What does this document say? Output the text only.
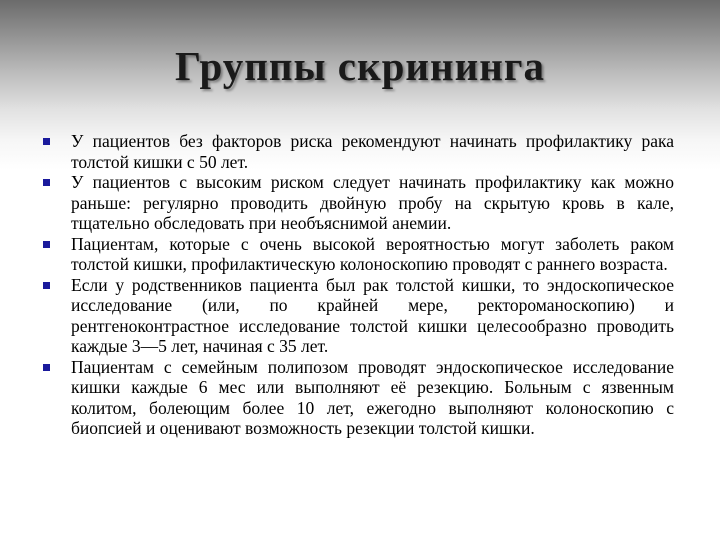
Группы скрининга
У пациентов без факторов риска рекомендуют начинать профилактику рака толстой кишки с 50 лет.
У пациентов с высоким риском следует начинать профилактику как можно раньше: регулярно проводить двойную пробу на скрытую кровь в кале, тщательно обследовать при необъяснимой анемии.
Пациентам, которые с очень высокой вероятностью могут заболеть раком толстой кишки, профилактическую колоноскопию проводят с раннего возраста.
Если у родственников пациента был рак толстой кишки, то эндоскопическое исследование (или, по крайней мере, ректороманоскопию) и рентгеноконтрастное исследование толстой кишки целесообразно проводить каждые 3—5 лет, начиная с 35 лет.
Пациентам с семейным полипозом проводят эндоскопическое исследование кишки каждые 6 мес или выполняют её резекцию. Больным с язвенным колитом, болеющим более 10 лет, ежегодно выполняют колоноскопию с биопсией и оценивают возможность резекции толстой кишки.
